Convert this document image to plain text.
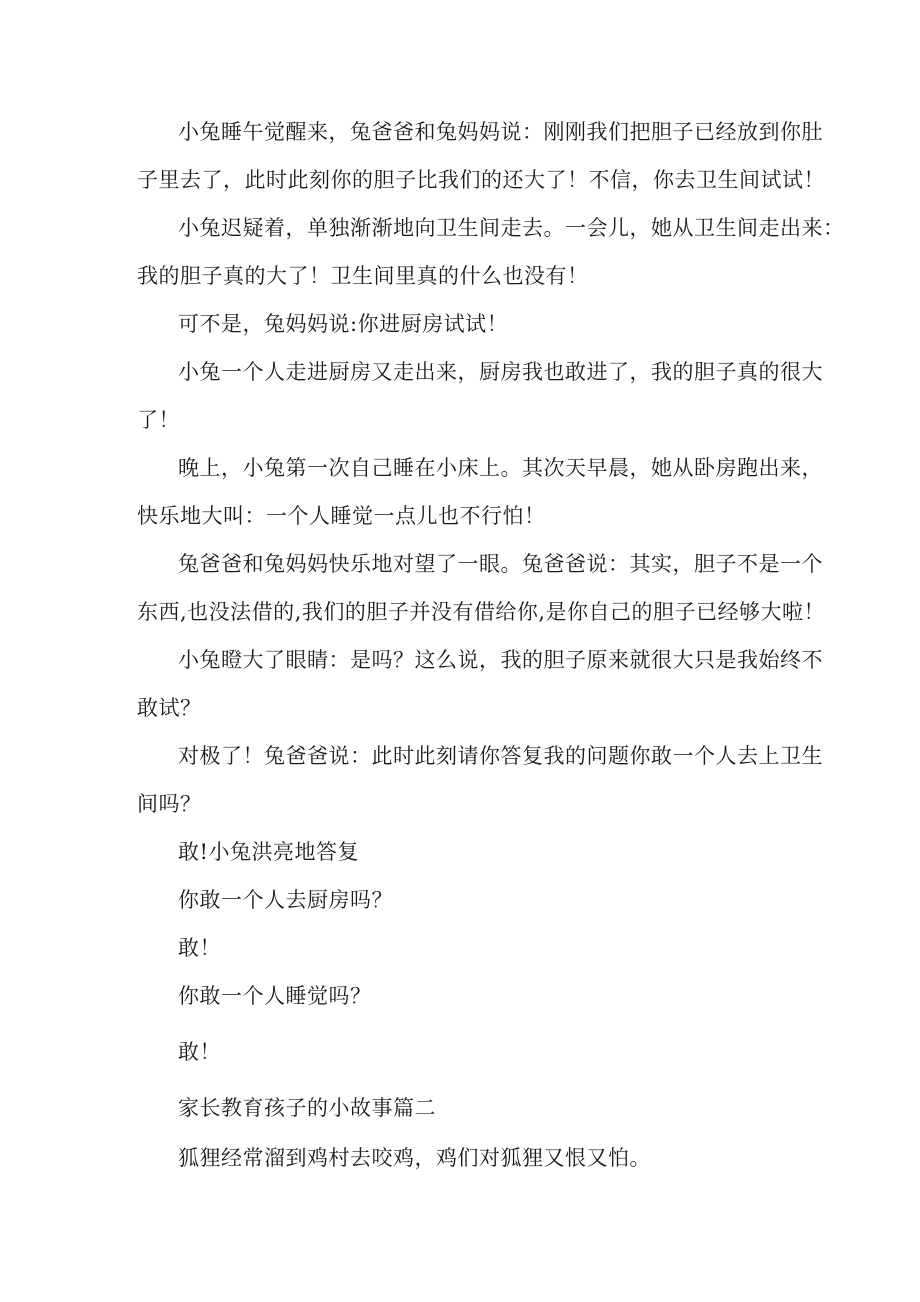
小兔睡午觉醒来，兔爸爸和兔妈妈说：刚刚我们把胆子已经放到你肚
子里去了，此时此刻你的胆子比我们的还大了！不信，你去卫生间试试！
小兔迟疑着，单独渐渐地向卫生间走去。一会儿，她从卫生间走出来：
我的胆子真的大了！卫生间里真的什么也没有！
可不是，兔妈妈说:你进厨房试试！
小兔一个人走进厨房又走出来，厨房我也敢进了，我的胆子真的很大
了！
晚上，小兔第一次自己睡在小床上。其次天早晨，她从卧房跑出来，
快乐地大叫：一个人睡觉一点儿也不行怕！
兔爸爸和兔妈妈快乐地对望了一眼。兔爸爸说：其实，胆子不是一个
东西,也没法借的,我们的胆子并没有借给你,是你自己的胆子已经够大啦！
小兔瞪大了眼睛：是吗？这么说，我的胆子原来就很大只是我始终不
敢试？
对极了！兔爸爸说：此时此刻请你答复我的问题你敢一个人去上卫生
间吗？
敢!小兔洪亮地答复
你敢一个人去厨房吗？
敢！
你敢一个人睡觉吗？
敢！
家长教育孩子的小故事篇二
狐狸经常溜到鸡村去咬鸡，鸡们对狐狸又恨又怕。
